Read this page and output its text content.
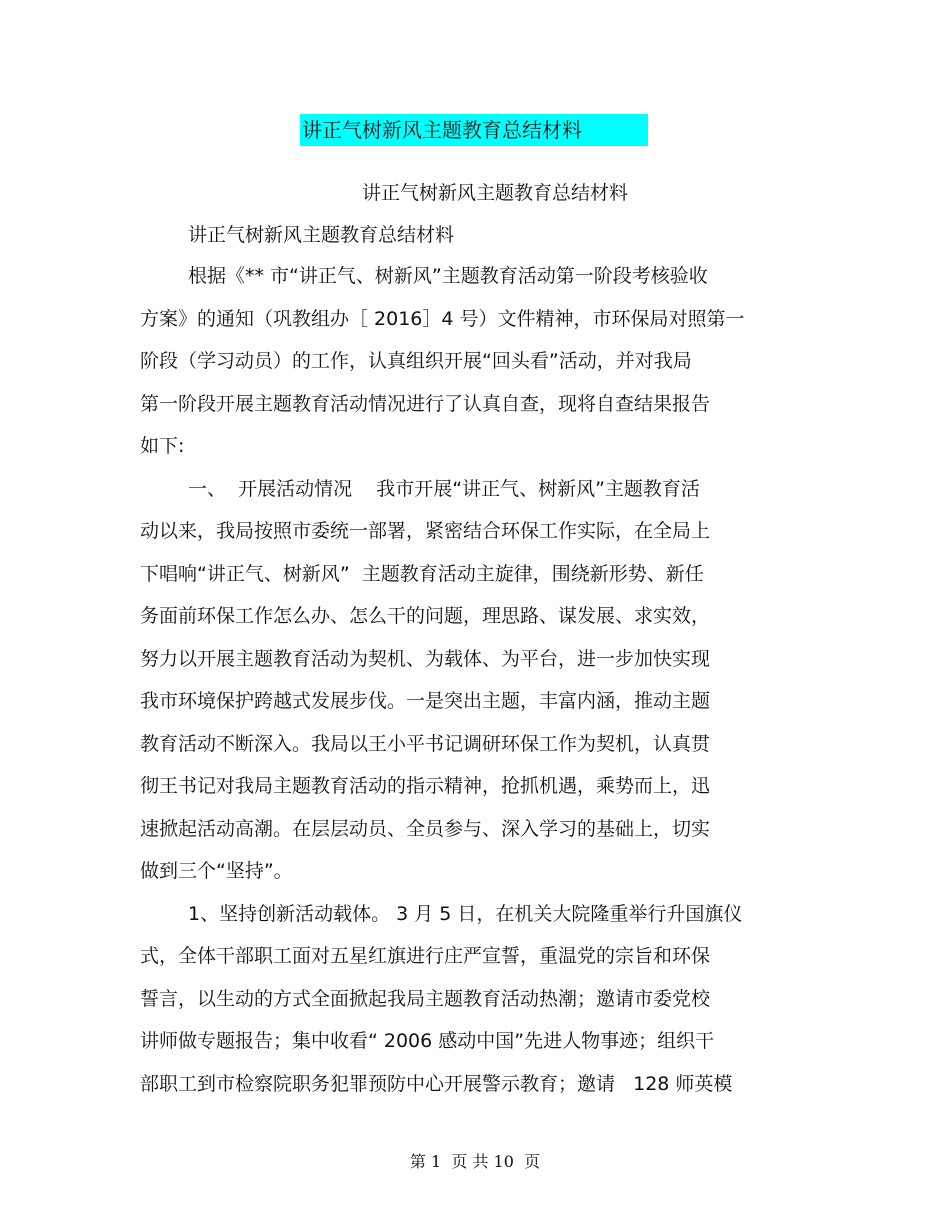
讲正气树新风主题教育总结材料
讲正气树新风主题教育总结材料
讲正气树新风主题教育总结材料
根据《** 市“讲正气、树新风”主题教育活动第一阶段考核验收
方案》的通知（巩教组办［ 2016］4 号）文件精神，市环保局对照第一
阶段（学习动员）的工作，认真组织开展“回头看”活动，并对我局
第一阶段开展主题教育活动情况进行了认真自查，现将自查结果报告
如下:
一、  开展活动情况    我市开展“讲正气、树新风”主题教育活
动以来，我局按照市委统一部署，紧密结合环保工作实际，在全局上
下唱响“讲正气、树新风”  主题教育活动主旋律，围绕新形势、新任
务面前环保工作怎么办、怎么干的问题，理思路、谋发展、求实效，
努力以开展主题教育活动为契机、为载体、为平台，进一步加快实现
我市环境保护跨越式发展步伐。一是突出主题，丰富内涵，推动主题
教育活动不断深入。我局以王小平书记调研环保工作为契机，认真贯
彻王书记对我局主题教育活动的指示精神，抢抓机遇，乘势而上，迅
速掀起活动高潮。在层层动员、全员参与、深入学习的基础上，切实
做到三个“坚持”。
1、坚持创新活动载体。 3 月 5 日，在机关大院隆重举行升国旗仪
式，全体干部职工面对五星红旗进行庄严宣誓，重温党的宗旨和环保
誓言，以生动的方式全面掀起我局主题教育活动热潮；邀请市委党校
讲师做专题报告；集中收看“ 2006 感动中国”先进人物事迹；组织干
部职工到市检察院职务犯罪预防中心开展警示教育；邀请   128 师英模
第 1  页 共 10  页
